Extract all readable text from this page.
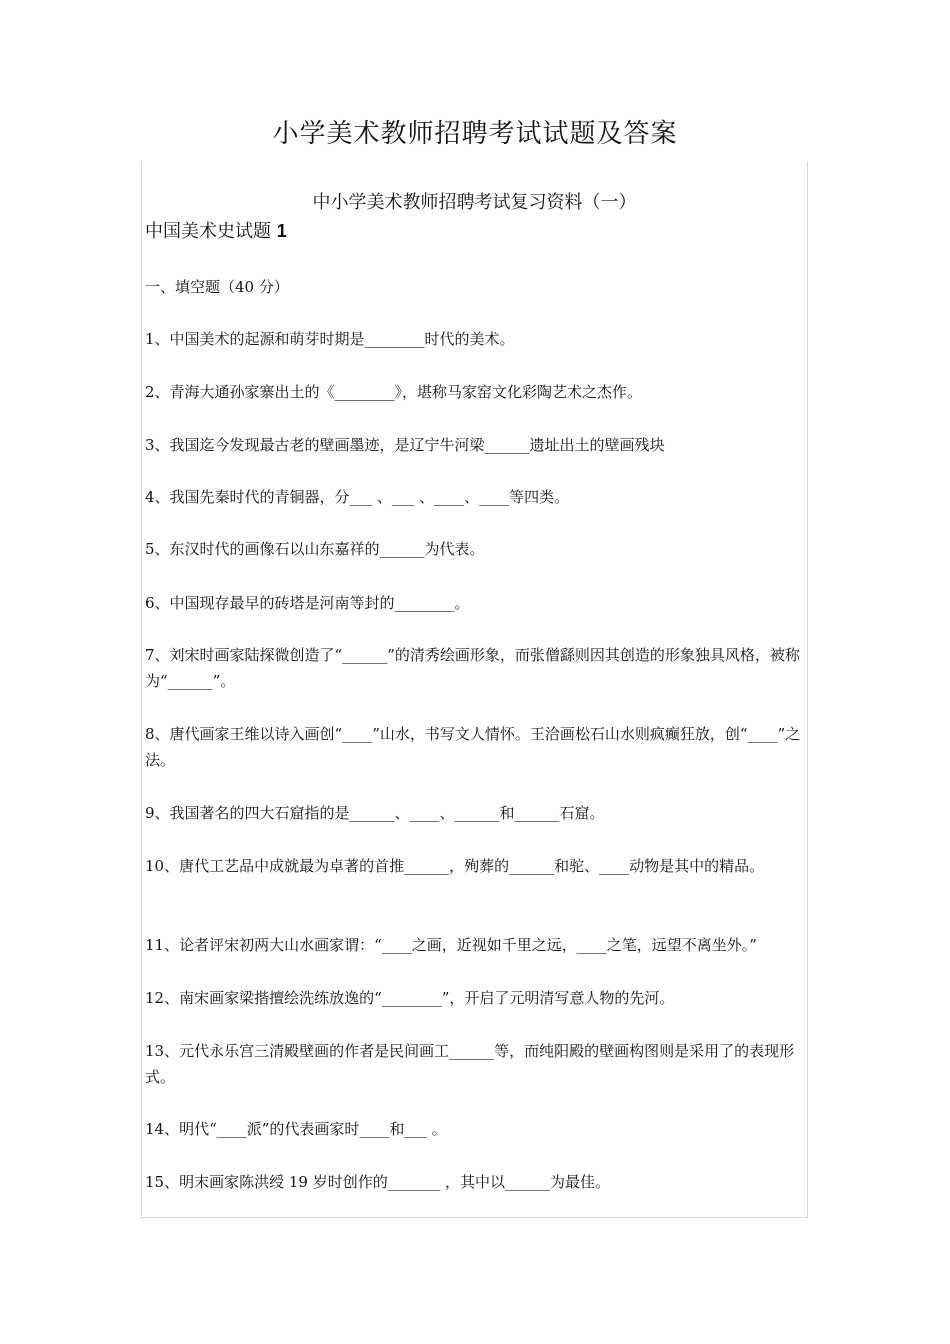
小学美术教师招聘考试试题及答案
中小学美术教师招聘考试复习资料（一）
中国美术史试题 1
一、填空题（40 分）
1、中国美术的起源和萌芽时期是________时代的美术。
2、青海大通孙家寨出土的《________》，堪称马家窑文化彩陶艺术之杰作。
3、我国迄今发现最古老的壁画墨迹，是辽宁牛河梁______遗址出土的壁画残块
4、我国先秦时代的青铜器，分___ 、___ 、____、____等四类。
5、东汉时代的画像石以山东嘉祥的______为代表。
6、中国现存最早的砖塔是河南等封的________。
7、刘宋时画家陆探微创造了“______”的清秀绘画形象，而张僧繇则因其创造的形象独具风格，被称为“______”。
8、唐代画家王维以诗入画创“____”山水，书写文人情怀。王洽画松石山水则疯癫狂放，创“____”之法。
9、我国著名的四大石窟指的是______、____、______和______石窟。
10、唐代工艺品中成就最为卓著的首推______，殉葬的______和驼、____动物是其中的精品。
11、论者评宋初两大山水画家谓：“____之画，近视如千里之远，____之笔，远望不离坐外。”
12、南宋画家梁揩擅绘洗练放逸的“________”，开启了元明清写意人物的先河。
13、元代永乐宫三清殿壁画的作者是民间画工______等，而纯阳殿的壁画构图则是采用了的表现形式。
14、明代“____派”的代表画家时____和___ 。
15、明末画家陈洪绶 19 岁时创作的_______ ，其中以______为最佳。
